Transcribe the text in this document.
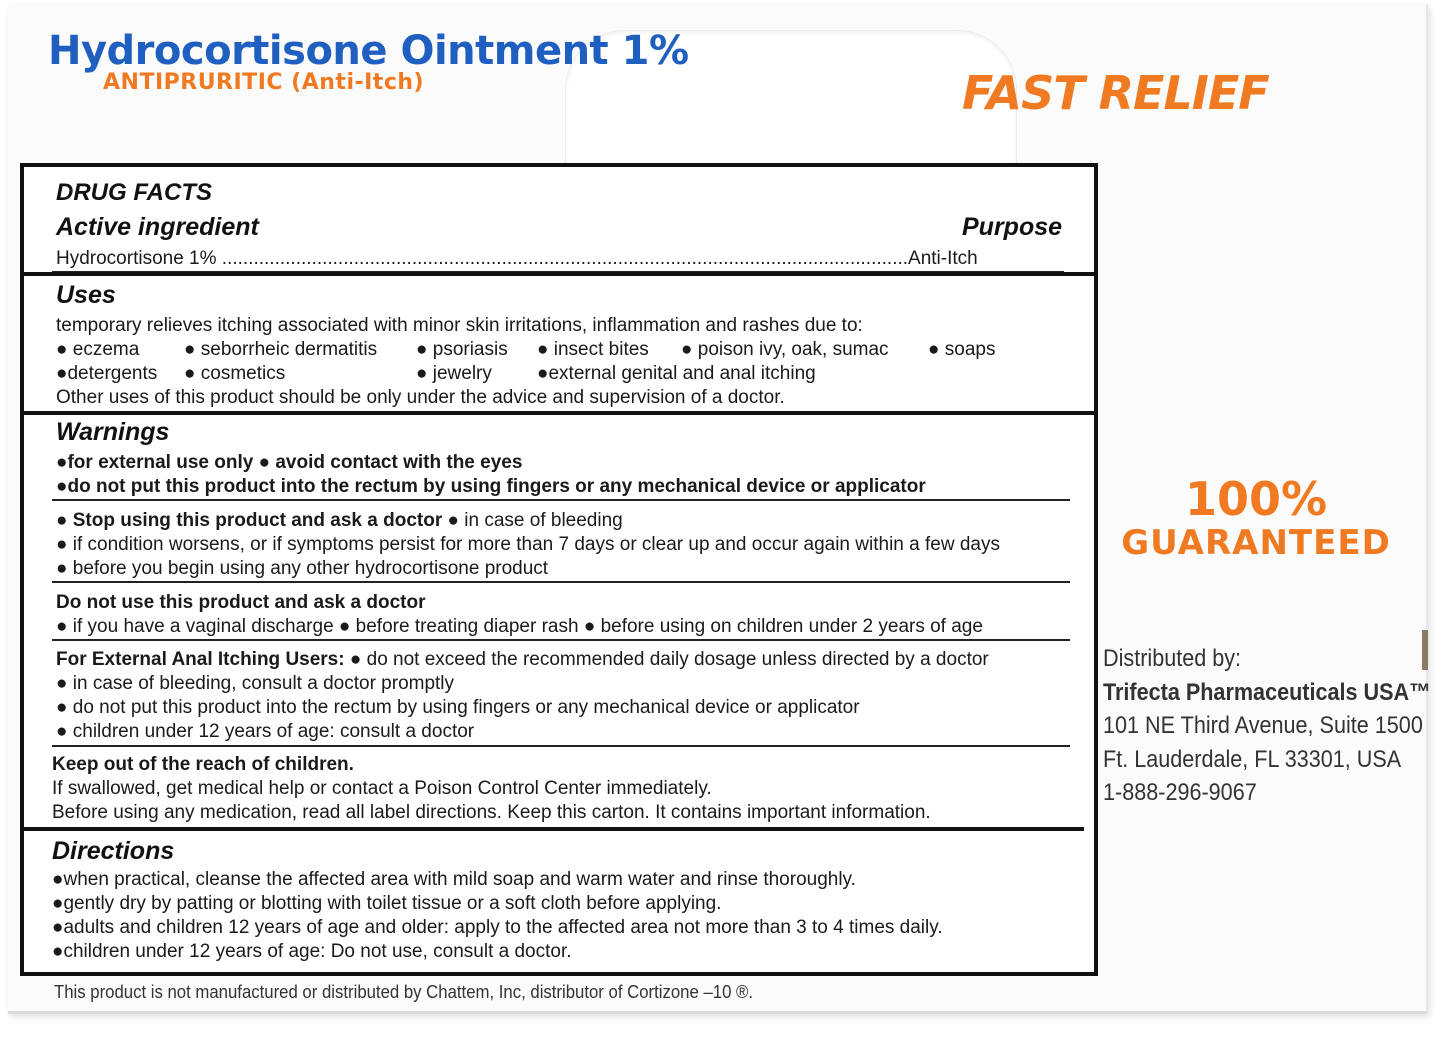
Hydrocortisone Ointment 1%
ANTIPRURITIC (Anti-Itch)	FAST RELIEF
100%
GUARANTEED
Distributed by:
Trifecta Pharmaceuticals USA™
101 NE Third Avenue, Suite 1500
Ft. Lauderdale, FL 33301, USA
1-888-296-9067
DRUG FACTS
Active ingredient	Purpose
Hydrocortisone 1% ..................................................................................................................................Anti-Itch
Uses
temporary relieves itching associated with minor skin irritations, inflammation and rashes due to:
● eczema ● seborrheic dermatitis ● psoriasis ● insect bites ● poison ivy, oak, sumac ● soaps
●detergents ● cosmetics	● jewelry ●external genital and anal itching
Other uses of this product should be only under the advice and supervision of a doctor.
Warnings
●for external use only ● avoid contact with the eyes
●do not put this product into the rectum by using fingers or any mechanical device or applicator
● Stop using this product and ask a doctor ● in case of bleeding
● if condition worsens, or if symptoms persist for more than 7 days or clear up and occur again within a few days
● before you begin using any other hydrocortisone product
Do not use this product and ask a doctor
● if you have a vaginal discharge ● before treating diaper rash ● before using on children under 2 years of age
For External Anal Itching Users: ● do not exceed the recommended daily dosage unless directed by a doctor
● in case of bleeding, consult a doctor promptly
● do not put this product into the rectum by using fingers or any mechanical device or applicator
● children under 12 years of age: consult a doctor
Keep out of the reach of children.
If swallowed, get medical help or contact a Poison Control Center immediately.
Before using any medication, read all label directions. Keep this carton. It contains important information.
Directions
●when practical, cleanse the affected area with mild soap and warm water and rinse thoroughly.
●gently dry by patting or blotting with toilet tissue or a soft cloth before applying.
●adults and children 12 years of age and older: apply to the affected area not more than 3 to 4 times daily.
●children under 12 years of age: Do not use, consult a doctor.
This product is not manufactured or distributed by Chattem, Inc, distributor of Cortizone –10 ®.
